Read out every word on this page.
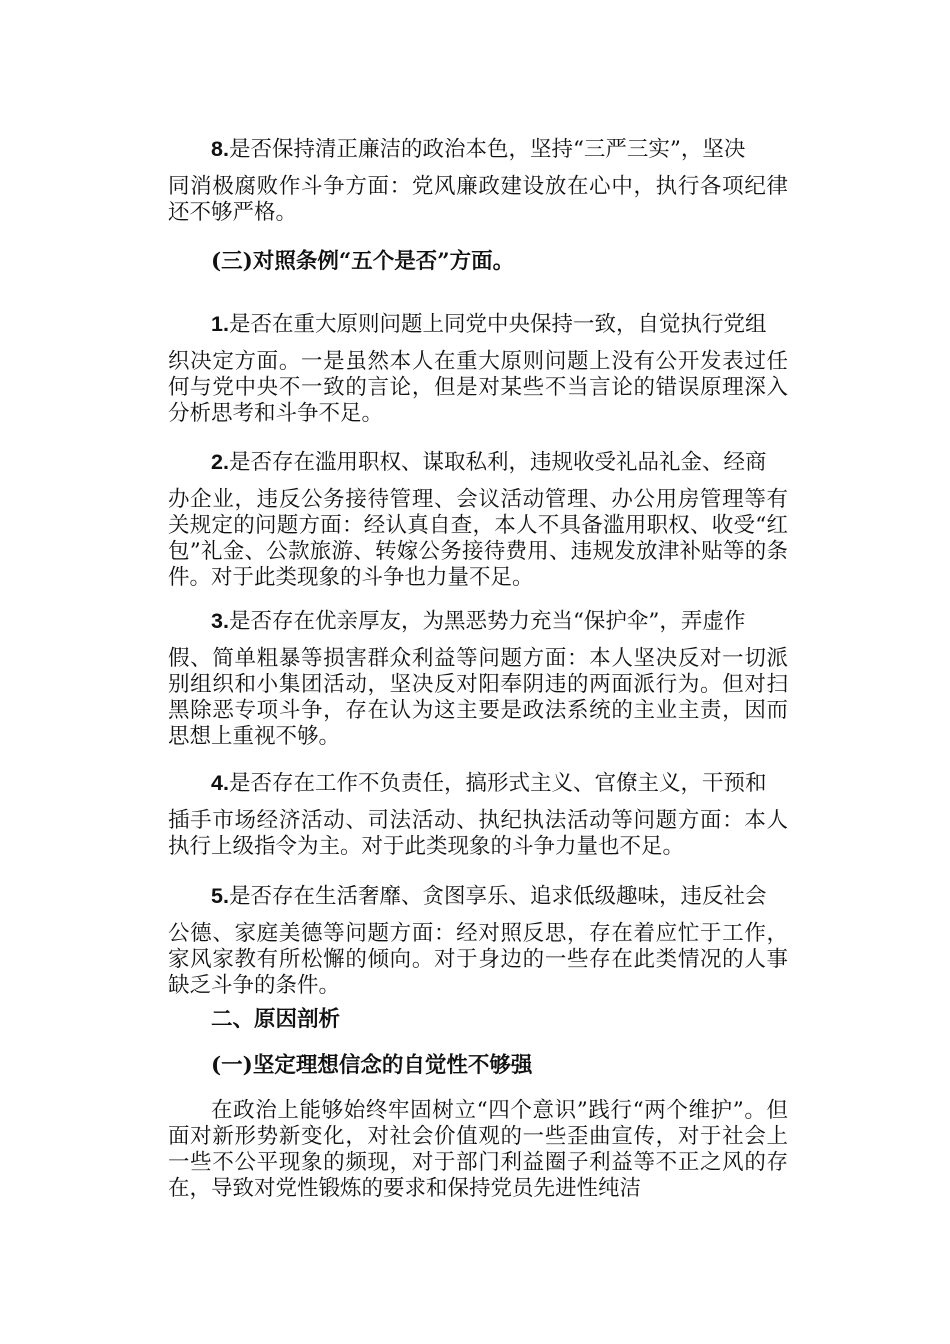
8.是否保持清正廉洁的政治本色，坚持“三严三实”，坚决
同消极腐败作斗争方面：党风廉政建设放在心中，执行各项纪律还不够严格。
(三)对照条例“五个是否”方面。
1.是否在重大原则问题上同党中央保持一致，自觉执行党组
织决定方面。一是虽然本人在重大原则问题上没有公开发表过任何与党中央不一致的言论，但是对某些不当言论的错误原理深入分析思考和斗争不足。
2.是否存在滥用职权、谋取私利，违规收受礼品礼金、经商
办企业，违反公务接待管理、会议活动管理、办公用房管理等有关规定的问题方面：经认真自查，本人不具备滥用职权、收受“红包”礼金、公款旅游、转嫁公务接待费用、违规发放津补贴等的条件。对于此类现象的斗争也力量不足。
3.是否存在优亲厚友，为黑恶势力充当“保护伞”，弄虚作
假、简单粗暴等损害群众利益等问题方面：本人坚决反对一切派别组织和小集团活动，坚决反对阳奉阴违的两面派行为。但对扫黑除恶专项斗争，存在认为这主要是政法系统的主业主责，因而思想上重视不够。
4.是否存在工作不负责任，搞形式主义、官僚主义，干预和
插手市场经济活动、司法活动、执纪执法活动等问题方面：本人执行上级指令为主。对于此类现象的斗争力量也不足。
5.是否存在生活奢靡、贪图享乐、追求低级趣味，违反社会
公德、家庭美德等问题方面：经对照反思，存在着应忙于工作，家风家教有所松懈的倾向。对于身边的一些存在此类情况的人事缺乏斗争的条件。
二、原因剖析
(一)坚定理想信念的自觉性不够强
在政治上能够始终牢固树立“四个意识”践行“两个维护”。但面对新形势新变化，对社会价值观的一些歪曲宣传，对于社会上一些不公平现象的频现，对于部门利益圈子利益等不正之风的存在，导致对党性锻炼的要求和保持党员先进性纯洁
